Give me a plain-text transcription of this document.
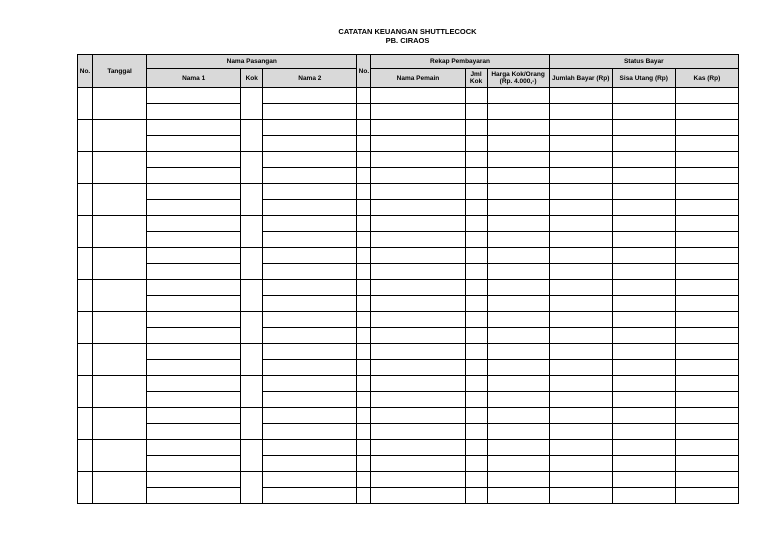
CATATAN KEUANGAN SHUTTLECOCK
PB. CIRAOS
No.	Tanggal	Nama Pasangan			No.	Rekap Pembayaran			Status Bayar		
		Nama 1	Kok	Nama 2		Nama Pemain	Jml Kok	Harga Kok/Orang (Rp. 4.000,-)	Jumlah Bayar (Rp)	Sisa Utang (Rp)	Kas (Rp)
